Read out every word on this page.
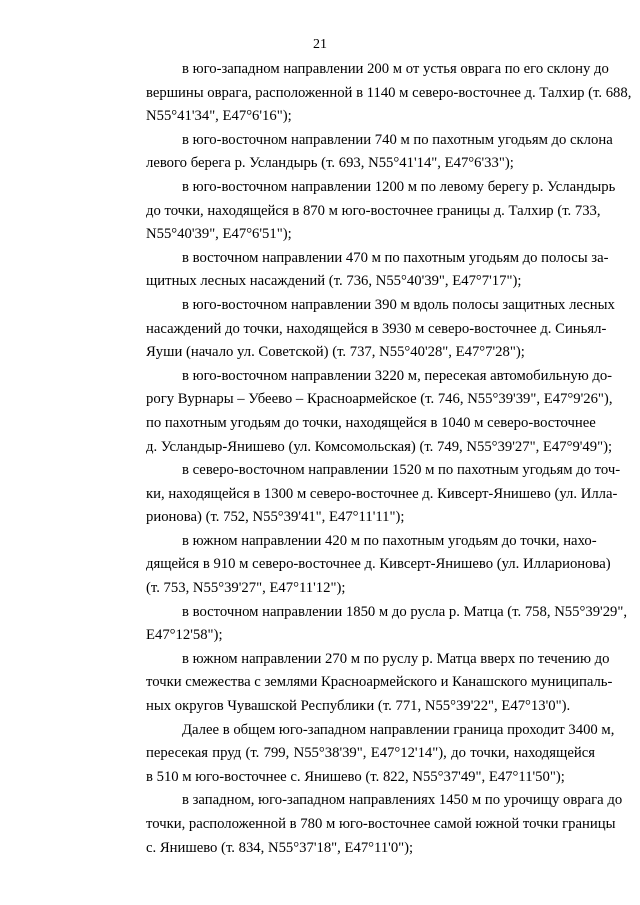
21
в юго-западном направлении 200 м от устья оврага по его склону до
вершины оврага, расположенной в 1140 м северо-восточнее д. Талхир (т. 688,
N55°41'34", E47°6'16");
в юго-восточном направлении 740 м по пахотным угодьям до склона
левого берега р. Усландырь (т. 693, N55°41'14", E47°6'33");
в юго-восточном направлении 1200 м по левому берегу р. Усландырь
до точки, находящейся в 870 м юго-восточнее границы д. Талхир (т. 733,
N55°40'39", E47°6'51");
в восточном направлении 470 м по пахотным угодьям до полосы за-
щитных лесных насаждений (т. 736, N55°40'39", E47°7'17");
в юго-восточном направлении 390 м вдоль полосы защитных лесных
насаждений до точки, находящейся в 3930 м северо-восточнее д. Синьял-
Яуши (начало ул. Советской) (т. 737, N55°40'28", E47°7'28");
в юго-восточном направлении 3220 м, пересекая автомобильную до-
рогу Вурнары – Убеево – Красноармейское (т. 746, N55°39'39", E47°9'26"),
по пахотным угодьям до точки, находящейся в 1040 м северо-восточнее
д. Усландыр-Янишево (ул. Комсомольская) (т. 749, N55°39'27", E47°9'49");
в северо-восточном направлении 1520 м по пахотным угодьям до точ-
ки, находящейся в 1300 м северо-восточнее д. Кивсерт-Янишево (ул. Илла-
рионова) (т. 752, N55°39'41", E47°11'11");
в южном направлении 420 м по пахотным угодьям до точки, нахо-
дящейся в 910 м северо-восточнее д. Кивсерт-Янишево (ул. Илларионова)
(т. 753, N55°39'27", E47°11'12");
в восточном направлении 1850 м до русла р. Матца (т. 758, N55°39'29",
E47°12'58");
в южном направлении 270 м по руслу р. Матца вверх по течению до
точки смежества с землями Красноармейского и Канашского муниципаль-
ных округов Чувашской Республики (т. 771, N55°39'22", E47°13'0").
Далее в общем юго-западном направлении граница проходит 3400 м,
пересекая пруд (т. 799, N55°38'39", E47°12'14"), до точки, находящейся
в 510 м юго-восточнее с. Янишево (т. 822, N55°37'49", E47°11'50");
в западном, юго-западном направлениях 1450 м по урочищу оврага до
точки, расположенной в 780 м юго-восточнее самой южной точки границы
с. Янишево (т. 834, N55°37'18", E47°11'0");
